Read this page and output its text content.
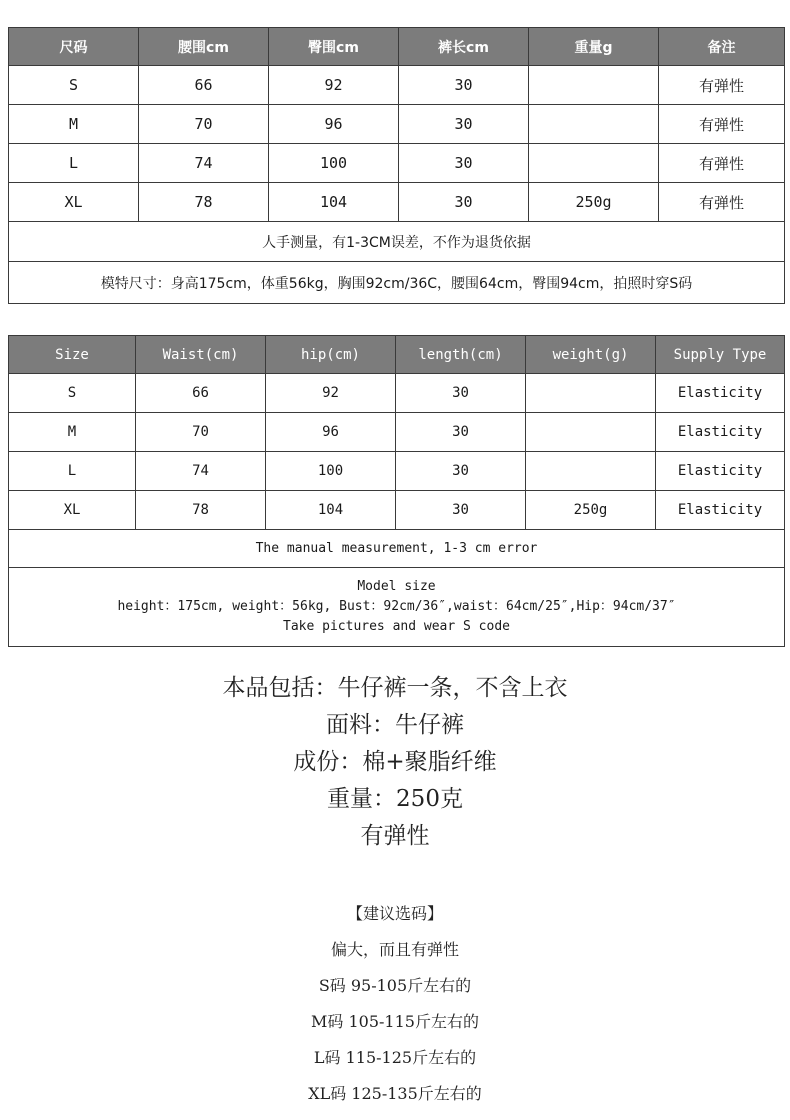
尺码	腰围cm	臀围cm	裤长cm	重量g	备注
S	66	92	30		有弹性
M	70	96	30		有弹性
L	74	100	30		有弹性
XL	78	104	30	250g	有弹性
人手测量，有1-3CM误差，不作为退货依据					
模特尺寸：身高175cm，体重56kg，胸围92cm/36C，腰围64cm，臀围94cm，拍照时穿S码					
Size	Waist(cm)	hip(cm)	length(cm)	weight(g)	Supply Type
S	66	92	30		Elasticity
M	70	96	30		Elasticity
L	74	100	30		Elasticity
XL	78	104	30	250g	Elasticity
The manual measurement, 1-3 cm error					

Model size
height：175cm, weight：56kg, Bust：92cm/36″,waist：64cm/25″,Hip：94cm/37″
Take pictures and wear S code					
本品包括：牛仔裤一条，不含上衣
面料：牛仔裤
成份：棉+聚脂纤维
重量：250克
有弹性
【建议选码】
偏大，而且有弹性
S码 95-105斤左右的
M码 105-115斤左右的
L码 115-125斤左右的
XL码 125-135斤左右的
